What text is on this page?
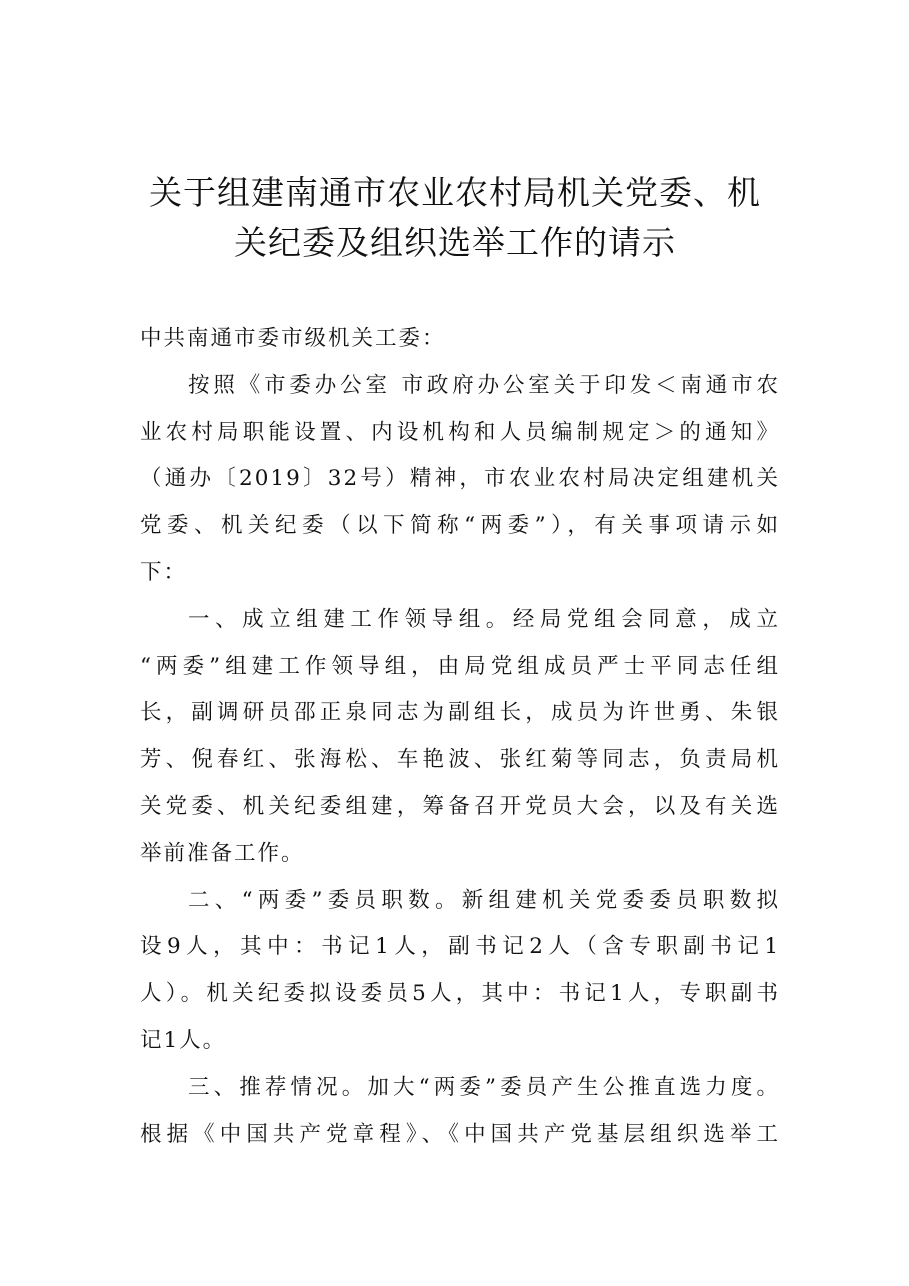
关于组建南通市农业农村局机关党委、机
关纪委及组织选举工作的请示
中共南通市委市级机关工委：
按照《市委办公室 市政府办公室关于印发＜南通市农
业农村局职能设置、内设机构和人员编制规定＞的通知》
（通办〔2019〕32号）精神，市农业农村局决定组建机关
党委、机关纪委（以下简称“两委”），有关事项请示如
下：
一、成立组建工作领导组。经局党组会同意，成立
“两委”组建工作领导组，由局党组成员严士平同志任组
长，副调研员邵正泉同志为副组长，成员为许世勇、朱银
芳、倪春红、张海松、车艳波、张红菊等同志，负责局机
关党委、机关纪委组建，筹备召开党员大会，以及有关选
举前准备工作。
二、“两委”委员职数。新组建机关党委委员职数拟
设9人，其中：书记1人，副书记2人（含专职副书记1
人）。机关纪委拟设委员5人，其中：书记1人，专职副书
记1人。
三、推荐情况。加大“两委”委员产生公推直选力度。
根据《中国共产党章程》、《中国共产党基层组织选举工
